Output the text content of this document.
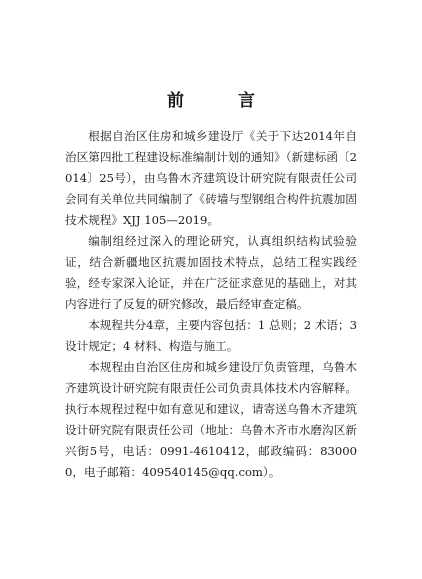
前 言

根据自治区住房和城乡建设厅《关于下达2014年自治区第四批工程建设标准编制计划的通知》（新建标函〔2014〕25号），由乌鲁木齐建筑设计研究院有限责任公司会同有关单位共同编制了《砖墙与型钢组合构件抗震加固技术规程》XJJ 105—2019。

编制组经过深入的理论研究，认真组织结构试验验证，结合新疆地区抗震加固技术特点，总结工程实践经验，经专家深入论证，并在广泛征求意见的基础上，对其内容进行了反复的研究修改，最后经审查定稿。

本规程共分4章，主要内容包括：1 总则；2 术语；3 设计规定；4 材料、构造与施工。

本规程由自治区住房和城乡建设厅负责管理，乌鲁木齐建筑设计研究院有限责任公司负责具体技术内容解释。执行本规程过程中如有意见和建议，请寄送乌鲁木齐建筑设计研究院有限责任公司（地址：乌鲁木齐市水磨沟区新兴街5号，电话：0991-4610412，邮政编码：830000，电子邮箱：409540145@qq.com）。
